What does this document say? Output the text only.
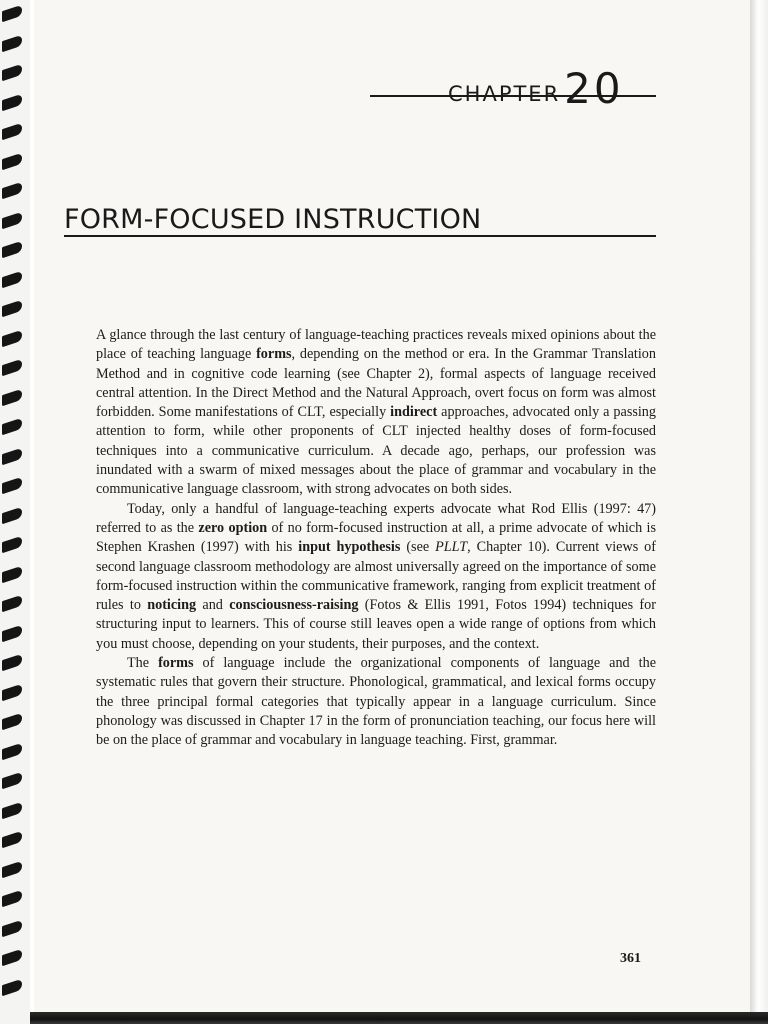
CHAPTER20
FORM-FOCUSED INSTRUCTION

A glance through the last century of language-teaching practices reveals mixed opinions about the place of teaching language forms, depending on the method or era. In the Grammar Translation Method and in cognitive code learning (see Chapter 2), formal aspects of language received central attention. In the Direct Method and the Natural Approach, overt focus on form was almost forbidden. Some manifestations of CLT, especially indirect approaches, advocated only a passing attention to form, while other proponents of CLT injected healthy doses of form-focused techniques into a communicative curriculum. A decade ago, perhaps, our profession was inundated with a swarm of mixed messages about the place of grammar and vocabulary in the communicative language classroom, with strong advocates on both sides.

Today, only a handful of language-teaching experts advocate what Rod Ellis (1997: 47) referred to as the zero option of no form-focused instruction at all, a prime advocate of which is Stephen Krashen (1997) with his input hypothesis (see PLLT, Chapter 10). Current views of second language classroom methodology are almost universally agreed on the importance of some form-focused instruction within the communicative framework, ranging from explicit treatment of rules to noticing and consciousness-raising (Fotos & Ellis 1991, Fotos 1994) techniques for structuring input to learners. This of course still leaves open a wide range of options from which you must choose, depending on your students, their purposes, and the context.

The forms of language include the organizational components of language and the systematic rules that govern their structure. Phonological, grammatical, and lexical forms occupy the three principal formal categories that typically appear in a language curriculum. Since phonology was discussed in Chapter 17 in the form of pronunciation teaching, our focus here will be on the place of grammar and vocabulary in language teaching. First, grammar.

361
